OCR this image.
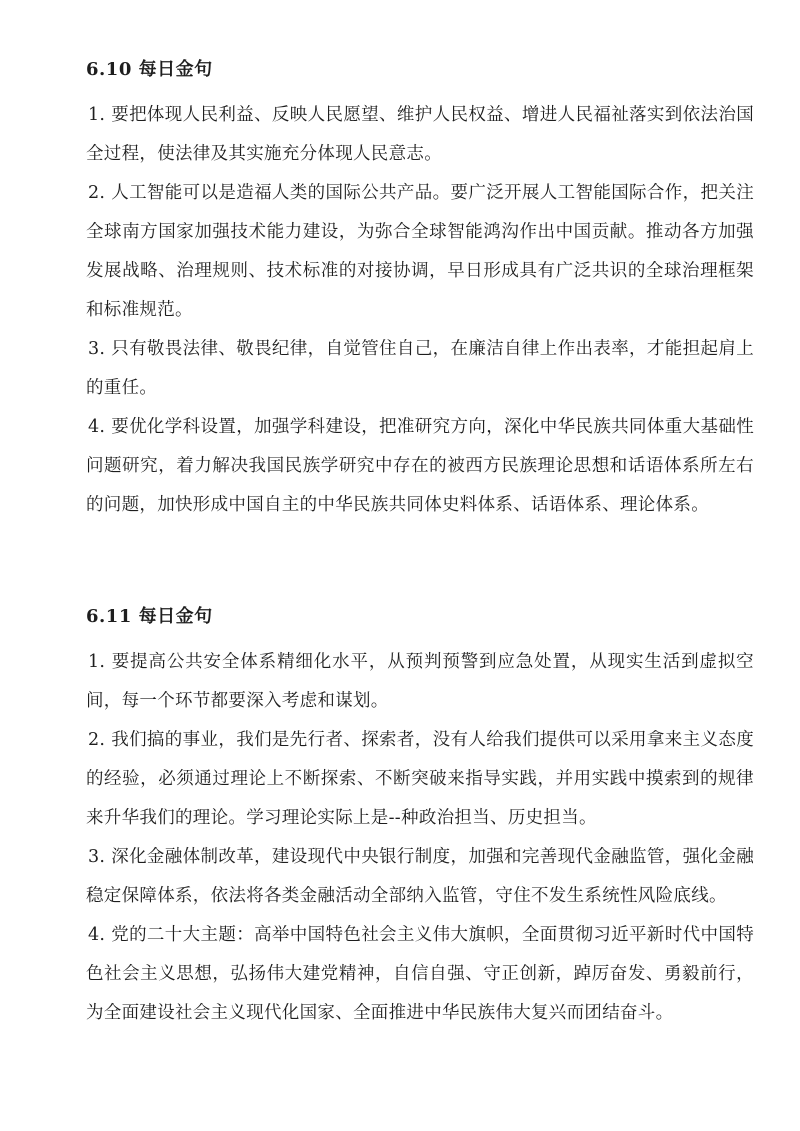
6.10 每日金句

1. 要把体现人民利益、反映人民愿望、维护人民权益、增进人民福祉落实到依法治国全过程，使法律及其实施充分体现人民意志。

2. 人工智能可以是造福人类的国际公共产品。要广泛开展人工智能国际合作，把关注全球南方国家加强技术能力建设，为弥合全球智能鸿沟作出中国贡献。推动各方加强发展战略、治理规则、技术标准的对接协调，早日形成具有广泛共识的全球治理框架和标准规范。

3. 只有敬畏法律、敬畏纪律，自觉管住自己，在廉洁自律上作出表率，才能担起肩上的重任。

4. 要优化学科设置，加强学科建设，把准研究方向，深化中华民族共同体重大基础性问题研究，着力解决我国民族学研究中存在的被西方民族理论思想和话语体系所左右的问题，加快形成中国自主的中华民族共同体史料体系、话语体系、理论体系。

6.11 每日金句

1. 要提高公共安全体系精细化水平，从预判预警到应急处置，从现实生活到虚拟空间，每一个环节都要深入考虑和谋划。

2. 我们搞的事业，我们是先行者、探索者，没有人给我们提供可以采用拿来主义态度的经验，必须通过理论上不断探索、不断突破来指导实践，并用实践中摸索到的规律来升华我们的理论。学习理论实际上是--种政治担当、历史担当。

3. 深化金融体制改革，建设现代中央银行制度，加强和完善现代金融监管，强化金融稳定保障体系，依法将各类金融活动全部纳入监管，守住不发生系统性风险底线。

4. 党的二十大主题：高举中国特色社会主义伟大旗帜，全面贯彻习近平新时代中国特色社会主义思想，弘扬伟大建党精神，自信自强、守正创新，踔厉奋发、勇毅前行，为全面建设社会主义现代化国家、全面推进中华民族伟大复兴而团结奋斗。
